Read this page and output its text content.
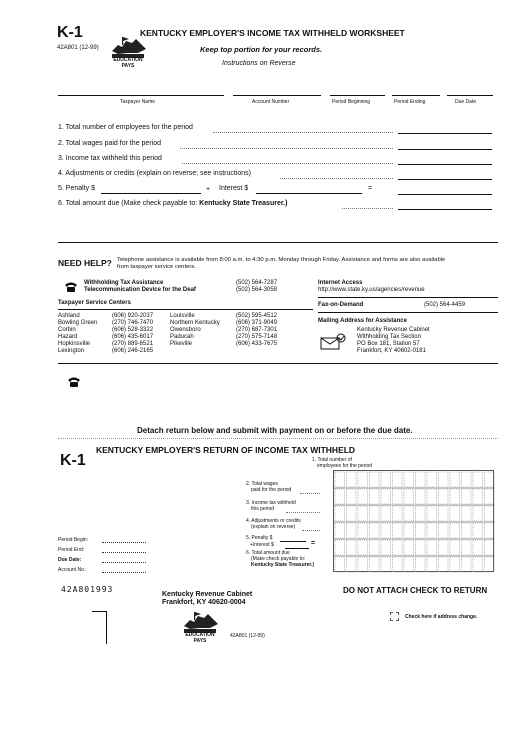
K-1
42A801 (12-99)
EDUCATION PAYS
KENTUCKY EMPLOYER'S INCOME TAX WITHHELD WORKSHEET
Keep top portion for your records.
Instructions on Reverse
Taxpayer Name	Account Number	Period Beginning	Period Ending	Due Date
1. Total number of employees for the period
2. Total wages paid for the period
3. Income tax withheld this period
4. Adjustments or credits (explain on reverse; see instructions)
5. Penalty $	+ Interest $	=
6. Total amount due (Make check payable to: Kentucky State Treasurer.)
NEED HELP? Telephone assistance is available from 8:00 a.m. to 4:30 p.m. Monday through Friday. Assistance and forms are also available
from taxpayer service centers.
Withholding Tax Assistance
Telecommunication Device for the Deaf
(502) 564-7287
(502) 564-3058
Internet Access
http://www.state.ky.us/agencies/revenue
Taxpayer Service Centers	Fax-on-Demand	(502) 564-4459
Ashland	(606) 920-2037
Bowling Green (270) 746-7470
Corbin	(606) 528-3322
Hazard	(606) 435-6017
Hopkinsville	(270) 889-6521
Lexington	(606) 246-2165
Louisville	(502) 595-4512
Northern Kentucky	(606) 371-9049
Owensboro	(270) 687-7301
Paducah	(270) 575-7148
Pikeville	(606) 433-7675
Mailing Address for Assistance
Kentucky Revenue Cabinet
Withholding Tax Section
PO Box 181, Station 57
Frankfort, KY 40602-0181
Detach return below and submit with payment on or before the due date.
K-1
KENTUCKY EMPLOYER'S RETURN OF INCOME TAX WITHHELD
1. Total number of
employees for the period
2. Total wages
paid for the period
3. Income tax withheld
this period
4. Adjustments or credits
(explain on reverse)
5. Penalty $
+Interest $	=
6. Total amount due
(Make check payable to:
Kentucky State Treasurer.)
Period Begin:
Period End:
Due Date:
Account No.:
42A801993
Kentucky Revenue Cabinet
Frankfort, KY 40620-0004
DO NOT ATTACH CHECK TO RETURN
Check here if address change.
EDUCATION PAYS
42A801 (12-99)
